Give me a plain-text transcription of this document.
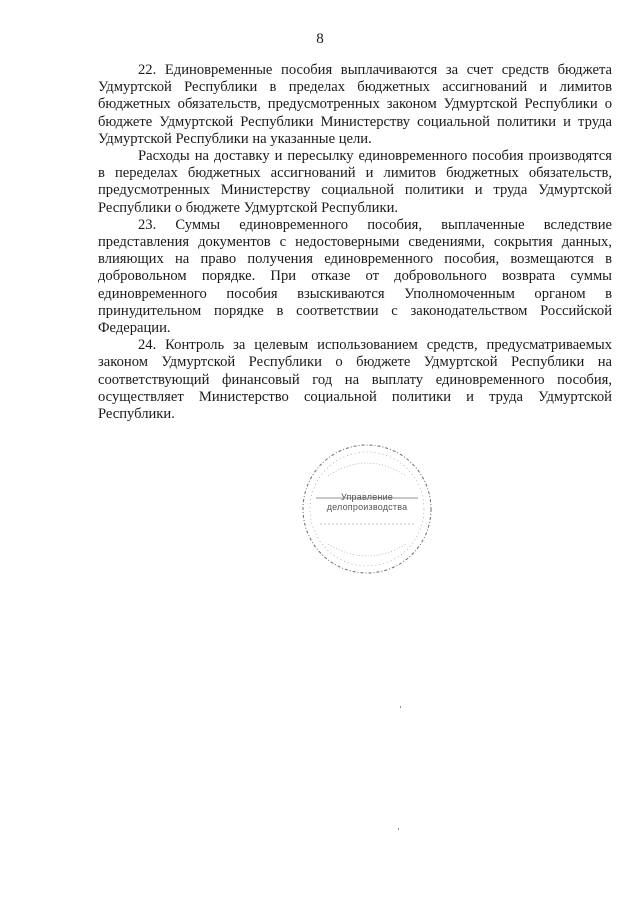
8

22. Единовременные пособия выплачиваются за счет средств бюджета Удмуртской Республики в пределах бюджетных ассигнований и лимитов бюджетных обязательств, предусмотренных законом Удмуртской Республики о бюджете Удмуртской Республики Министерству социальной политики и труда Удмуртской Республики на указанные цели.

Расходы на доставку и пересылку единовременного пособия производятся в переделах бюджетных ассигнований и лимитов бюджетных обязательств, предусмотренных Министерству социальной политики и труда Удмуртской Республики о бюджете Удмуртской Республики.

23. Суммы единовременного пособия, выплаченные вследствие представления документов с недостоверными сведениями, сокрытия данных, влияющих на право получения единовременного пособия, возмещаются в добровольном порядке. При отказе от добровольного возврата суммы единовременного пособия взыскиваются Уполномоченным органом в принудительном порядке в соответствии с законодательством Российской Федерации.

24. Контроль за целевым использованием средств, предусматриваемых законом Удмуртской Республики о бюджете Удмуртской Республики на соответствующий финансовый год на выплату единовременного пособия, осуществляет Министерство социальной политики и труда Удмуртской Республики.

Управление
делопроизводства
